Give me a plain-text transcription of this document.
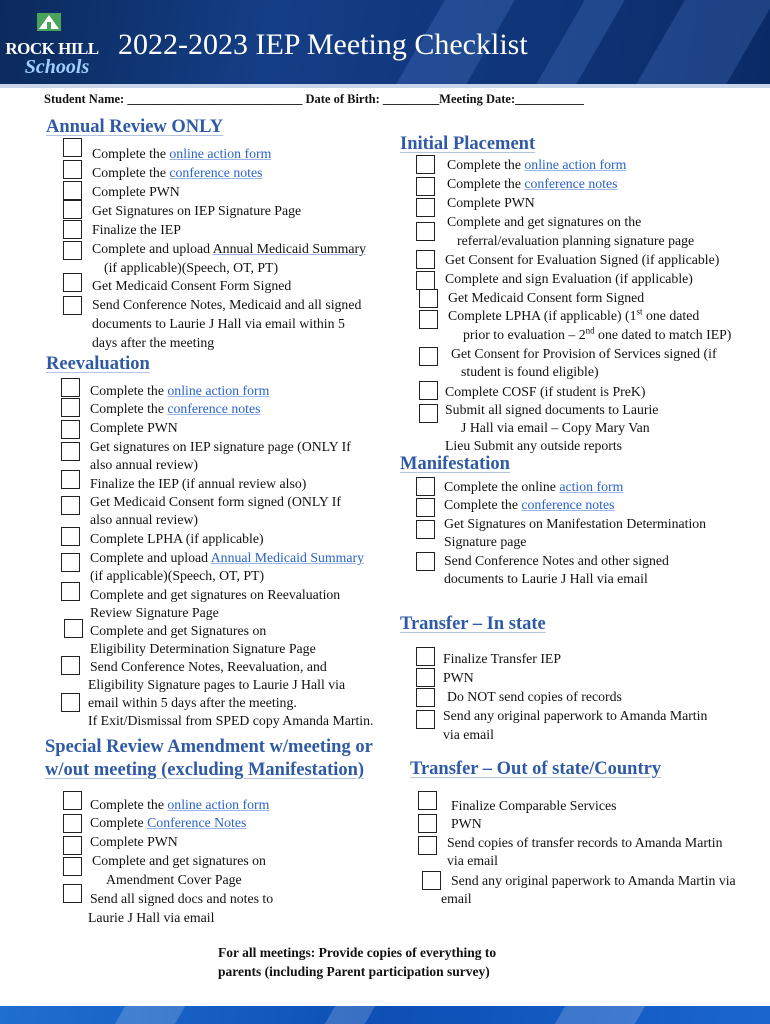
ROCK HILL
Schools
2022-2023 IEP Meeting Checklist
Student Name: ____________________________ Date of Birth: _________Meeting Date:___________
Annual Review ONLY
Complete the online action form
Complete the conference notes
Complete PWN
Get Signatures on IEP Signature Page
Finalize the IEP
Complete and upload Annual Medicaid Summary
(if applicable)(Speech, OT, PT)
Get Medicaid Consent Form Signed
Send Conference Notes, Medicaid and all signed
documents to Laurie J Hall via email within 5
days after the meeting
Reevaluation
Complete the online action form
Complete the conference notes
Complete PWN
Get signatures on IEP signature page (ONLY If
also annual review)
Finalize the IEP (if annual review also)
Get Medicaid Consent form signed (ONLY If
also annual review)
Complete LPHA (if applicable)
Complete and upload Annual Medicaid Summary
(if applicable)(Speech, OT, PT)
Complete and get signatures on Reevaluation
Review Signature Page
Complete and get Signatures on
Eligibility Determination Signature Page
Send Conference Notes, Reevaluation, and
Eligibility Signature pages to Laurie J Hall via
email within 5 days after the meeting.
If Exit/Dismissal from SPED copy Amanda Martin.
Special Review Amendment w/meeting or
w/out meeting (excluding Manifestation)
Complete the online action form
Complete Conference Notes
Complete PWN
Complete and get signatures on
Amendment Cover Page
Send all signed docs and notes to
Laurie J Hall via email
Initial Placement
Complete the online action form
Complete the conference notes
Complete PWN
Complete and get signatures on the
referral/evaluation planning signature page
Get Consent for Evaluation Signed (if applicable)
Complete and sign Evaluation (if applicable)
Get Medicaid Consent form Signed
Complete LPHA (if applicable) (1st one dated
prior to evaluation – 2nd one dated to match IEP)
Get Consent for Provision of Services signed (if
student is found eligible)
Complete COSF (if student is PreK)
Submit all signed documents to Laurie
J Hall via email – Copy Mary Van
Lieu Submit any outside reports
Manifestation
Complete the online action form
Complete the conference notes
Get Signatures on Manifestation Determination
Signature page
Send Conference Notes and other signed
documents to Laurie J Hall via email
Transfer – In state
Finalize Transfer IEP
PWN
Do NOT send copies of records
Send any original paperwork to Amanda Martin
via email
Transfer – Out of state/Country
Finalize Comparable Services
PWN
Send copies of transfer records to Amanda Martin
via email
Send any original paperwork to Amanda Martin via
email
For all meetings: Provide copies of everything to
parents (including Parent participation survey)
